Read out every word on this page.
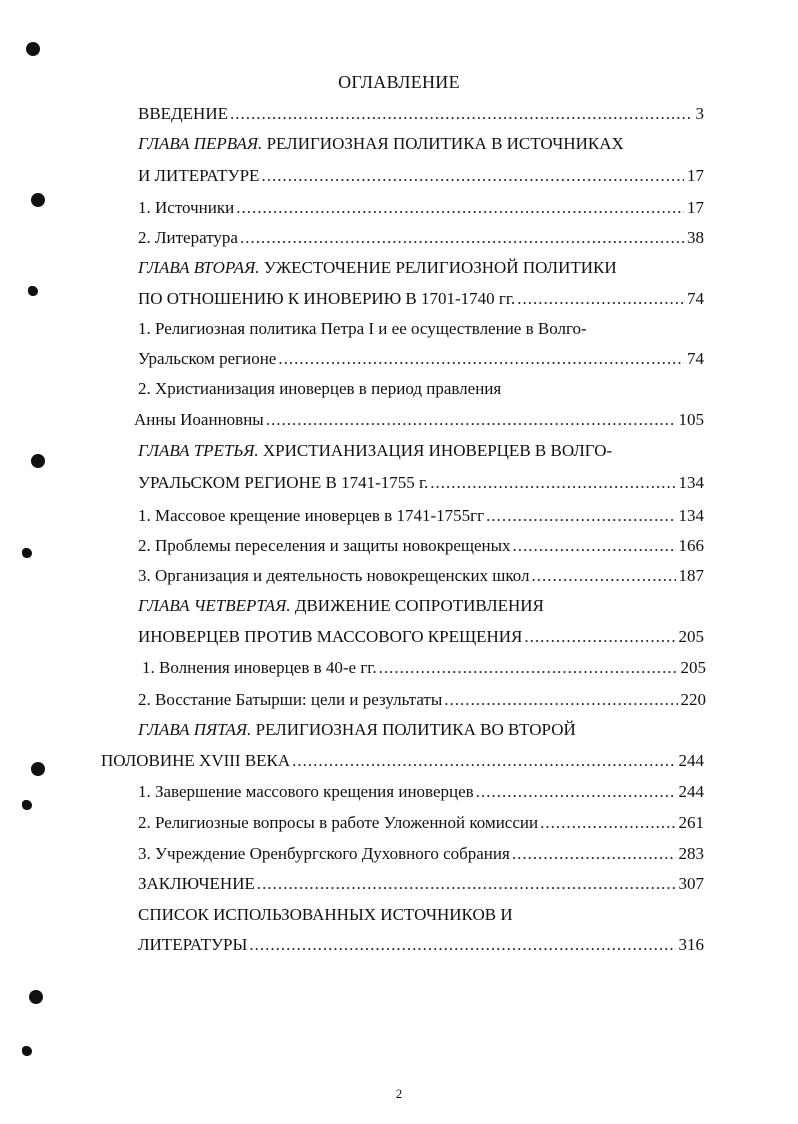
ОГЛАВЛЕНИЕ
ВВЕДЕНИЕ .....	3
ГЛАВА ПЕРВАЯ. РЕЛИГИОЗНАЯ ПОЛИТИКА В ИСТОЧНИКАХ
И ЛИТЕРАТУРЕ .....	17
1. Источники .....	17
2. Литература .....	38
ГЛАВА ВТОРАЯ. УЖЕСТОЧЕНИЕ РЕЛИГИОЗНОЙ ПОЛИТИКИ
ПО ОТНОШЕНИЮ К ИНОВЕРИЮ В 1701-1740 гг. .....	74
1. Религиозная политика Петра I и ее осуществление в Волго-
Уральском регионе .....	74
2. Христианизация иноверцев в период правления
Анны Иоанновны .....	105
ГЛАВА ТРЕТЬЯ. ХРИСТИАНИЗАЦИЯ ИНОВЕРЦЕВ В ВОЛГО-
УРАЛЬСКОМ РЕГИОНЕ В 1741-1755 г. .....	134
1. Массовое крещение иноверцев в 1741-1755гг .....	134
2. Проблемы переселения и защиты новокрещеных .....	166
3. Организация и деятельность новокрещенских школ .....	187
ГЛАВА ЧЕТВЕРТАЯ. ДВИЖЕНИЕ СОПРОТИВЛЕНИЯ
ИНОВЕРЦЕВ ПРОТИВ МАССОВОГО КРЕЩЕНИЯ .....	205
1. Волнения иноверцев в 40-е гг. .....	205
2. Восстание Батырши: цели и результаты .....	220
ГЛАВА ПЯТАЯ. РЕЛИГИОЗНАЯ ПОЛИТИКА ВО ВТОРОЙ
ПОЛОВИНЕ XVIII ВЕКА .....	244
1. Завершение массового крещения иноверцев .....	244
2. Религиозные вопросы в работе Уложенной комиссии .....	261
3. Учреждение Оренбургского Духовного собрания .....	283
ЗАКЛЮЧЕНИЕ .....	307
СПИСОК ИСПОЛЬЗОВАННЫХ ИСТОЧНИКОВ И
ЛИТЕРАТУРЫ .....	316
2
